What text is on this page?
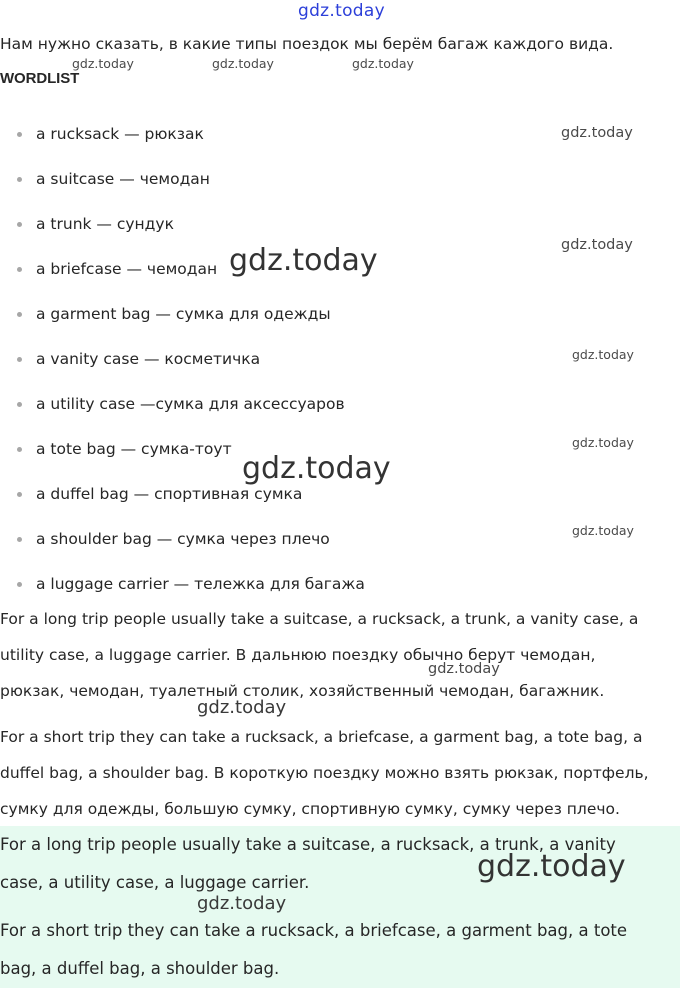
gdz.today
Нам нужно сказать, в какие типы поездок мы берём багаж каждого вида.
gdz.today	gdz.today	gdz.today
WORDLIST
a rucksack — рюкзак
a suitcase — чемодан
a trunk — сундук
a briefcase — чемодан
a garment bag — сумка для одежды
a vanity case — косметичка
a utility case —сумка для аксессуаров
a tote bag — сумка-тоут
a duffel bag — спортивная сумка
a shoulder bag — сумка через плечо
a luggage carrier — тележка для багажа
gdz.today
gdz.today
gdz.today
gdz.today
gdz.today
gdz.today
gdz.today
For a long trip people usually take a suitcase, a rucksack, a trunk, a vanity case, a
utility case, a luggage carrier. В дальнюю поездку обычно берут чемодан,
рюкзак, чемодан, туалетный столик, хозяйственный чемодан, багажник.
gdz.today
gdz.today
For a short trip they can take a rucksack, a briefcase, a garment bag, a tote bag, a
duffel bag, a shoulder bag. В короткую поездку можно взять рюкзак, портфель,
сумку для одежды, большую сумку, спортивную сумку, сумку через плечо.
For a long trip people usually take a suitcase, a rucksack, a trunk, a vanity
case, a utility case, a luggage carrier.	gdz.today
gdz.today
For a short trip they can take a rucksack, a briefcase, a garment bag, a tote
bag, a duffel bag, a shoulder bag.
